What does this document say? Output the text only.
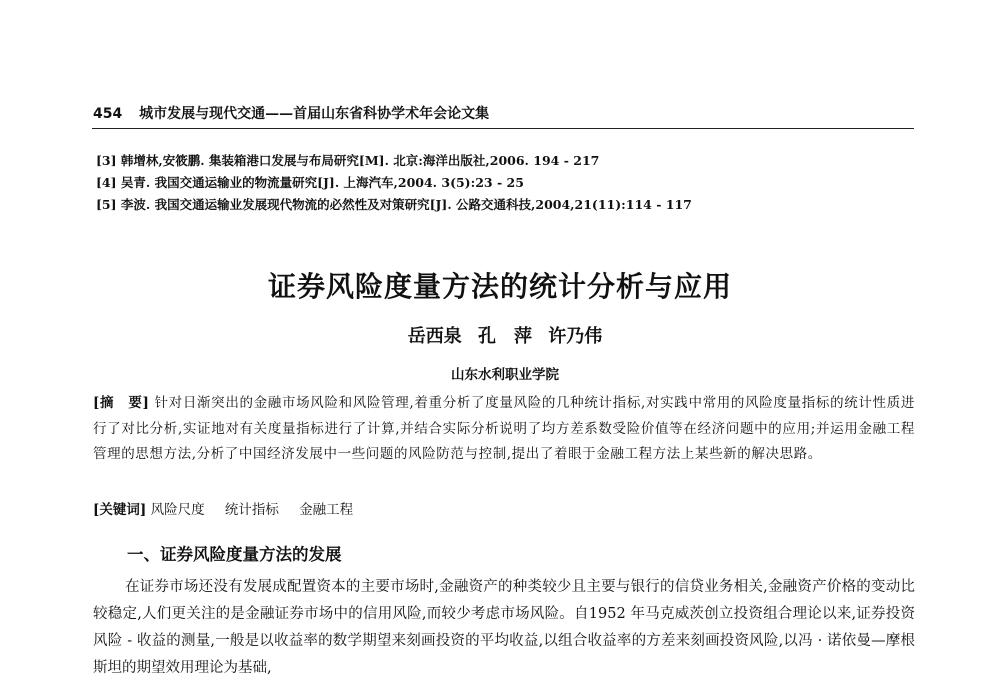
454 城市发展与现代交通——首届山东省科协学术年会论文集
[3] 韩增林,安筱鹏. 集装箱港口发展与布局研究[M]. 北京:海洋出版社,2006. 194 - 217
[4] 吴青. 我国交通运输业的物流量研究[J]. 上海汽车,2004. 3(5):23 - 25
[5] 李波. 我国交通运输业发展现代物流的必然性及对策研究[J]. 公路交通科技,2004,21(11):114 - 117
证券风险度量方法的统计分析与应用
岳西泉 孔　萍 许乃伟
山东水利职业学院
[摘　要] 针对日渐突出的金融市场风险和风险管理,着重分析了度量风险的几种统计指标,对实践中常用的风险度量指标的统计性质进行了对比分析,实证地对有关度量指标进行了计算,并结合实际分析说明了均方差系数受险价值等在经济问题中的应用;并运用金融工程管理的思想方法,分析了中国经济发展中一些问题的风险防范与控制,提出了着眼于金融工程方法上某些新的解决思路。
[关键词] 风险尺度 统计指标 金融工程
一、证券风险度量方法的发展
在证券市场还没有发展成配置资本的主要市场时,金融资产的种类较少且主要与银行的信贷业务相关,金融资产价格的变动比较稳定,人们更关注的是金融证券市场中的信用风险,而较少考虑市场风险。自1952 年马克威茨创立投资组合理论以来,证券投资风险 - 收益的测量,一般是以收益率的数学期望来刻画投资的平均收益,以组合收益率的方差来刻画投资风险,以冯 · 诺依曼—摩根斯坦的期望效用理论为基础,
